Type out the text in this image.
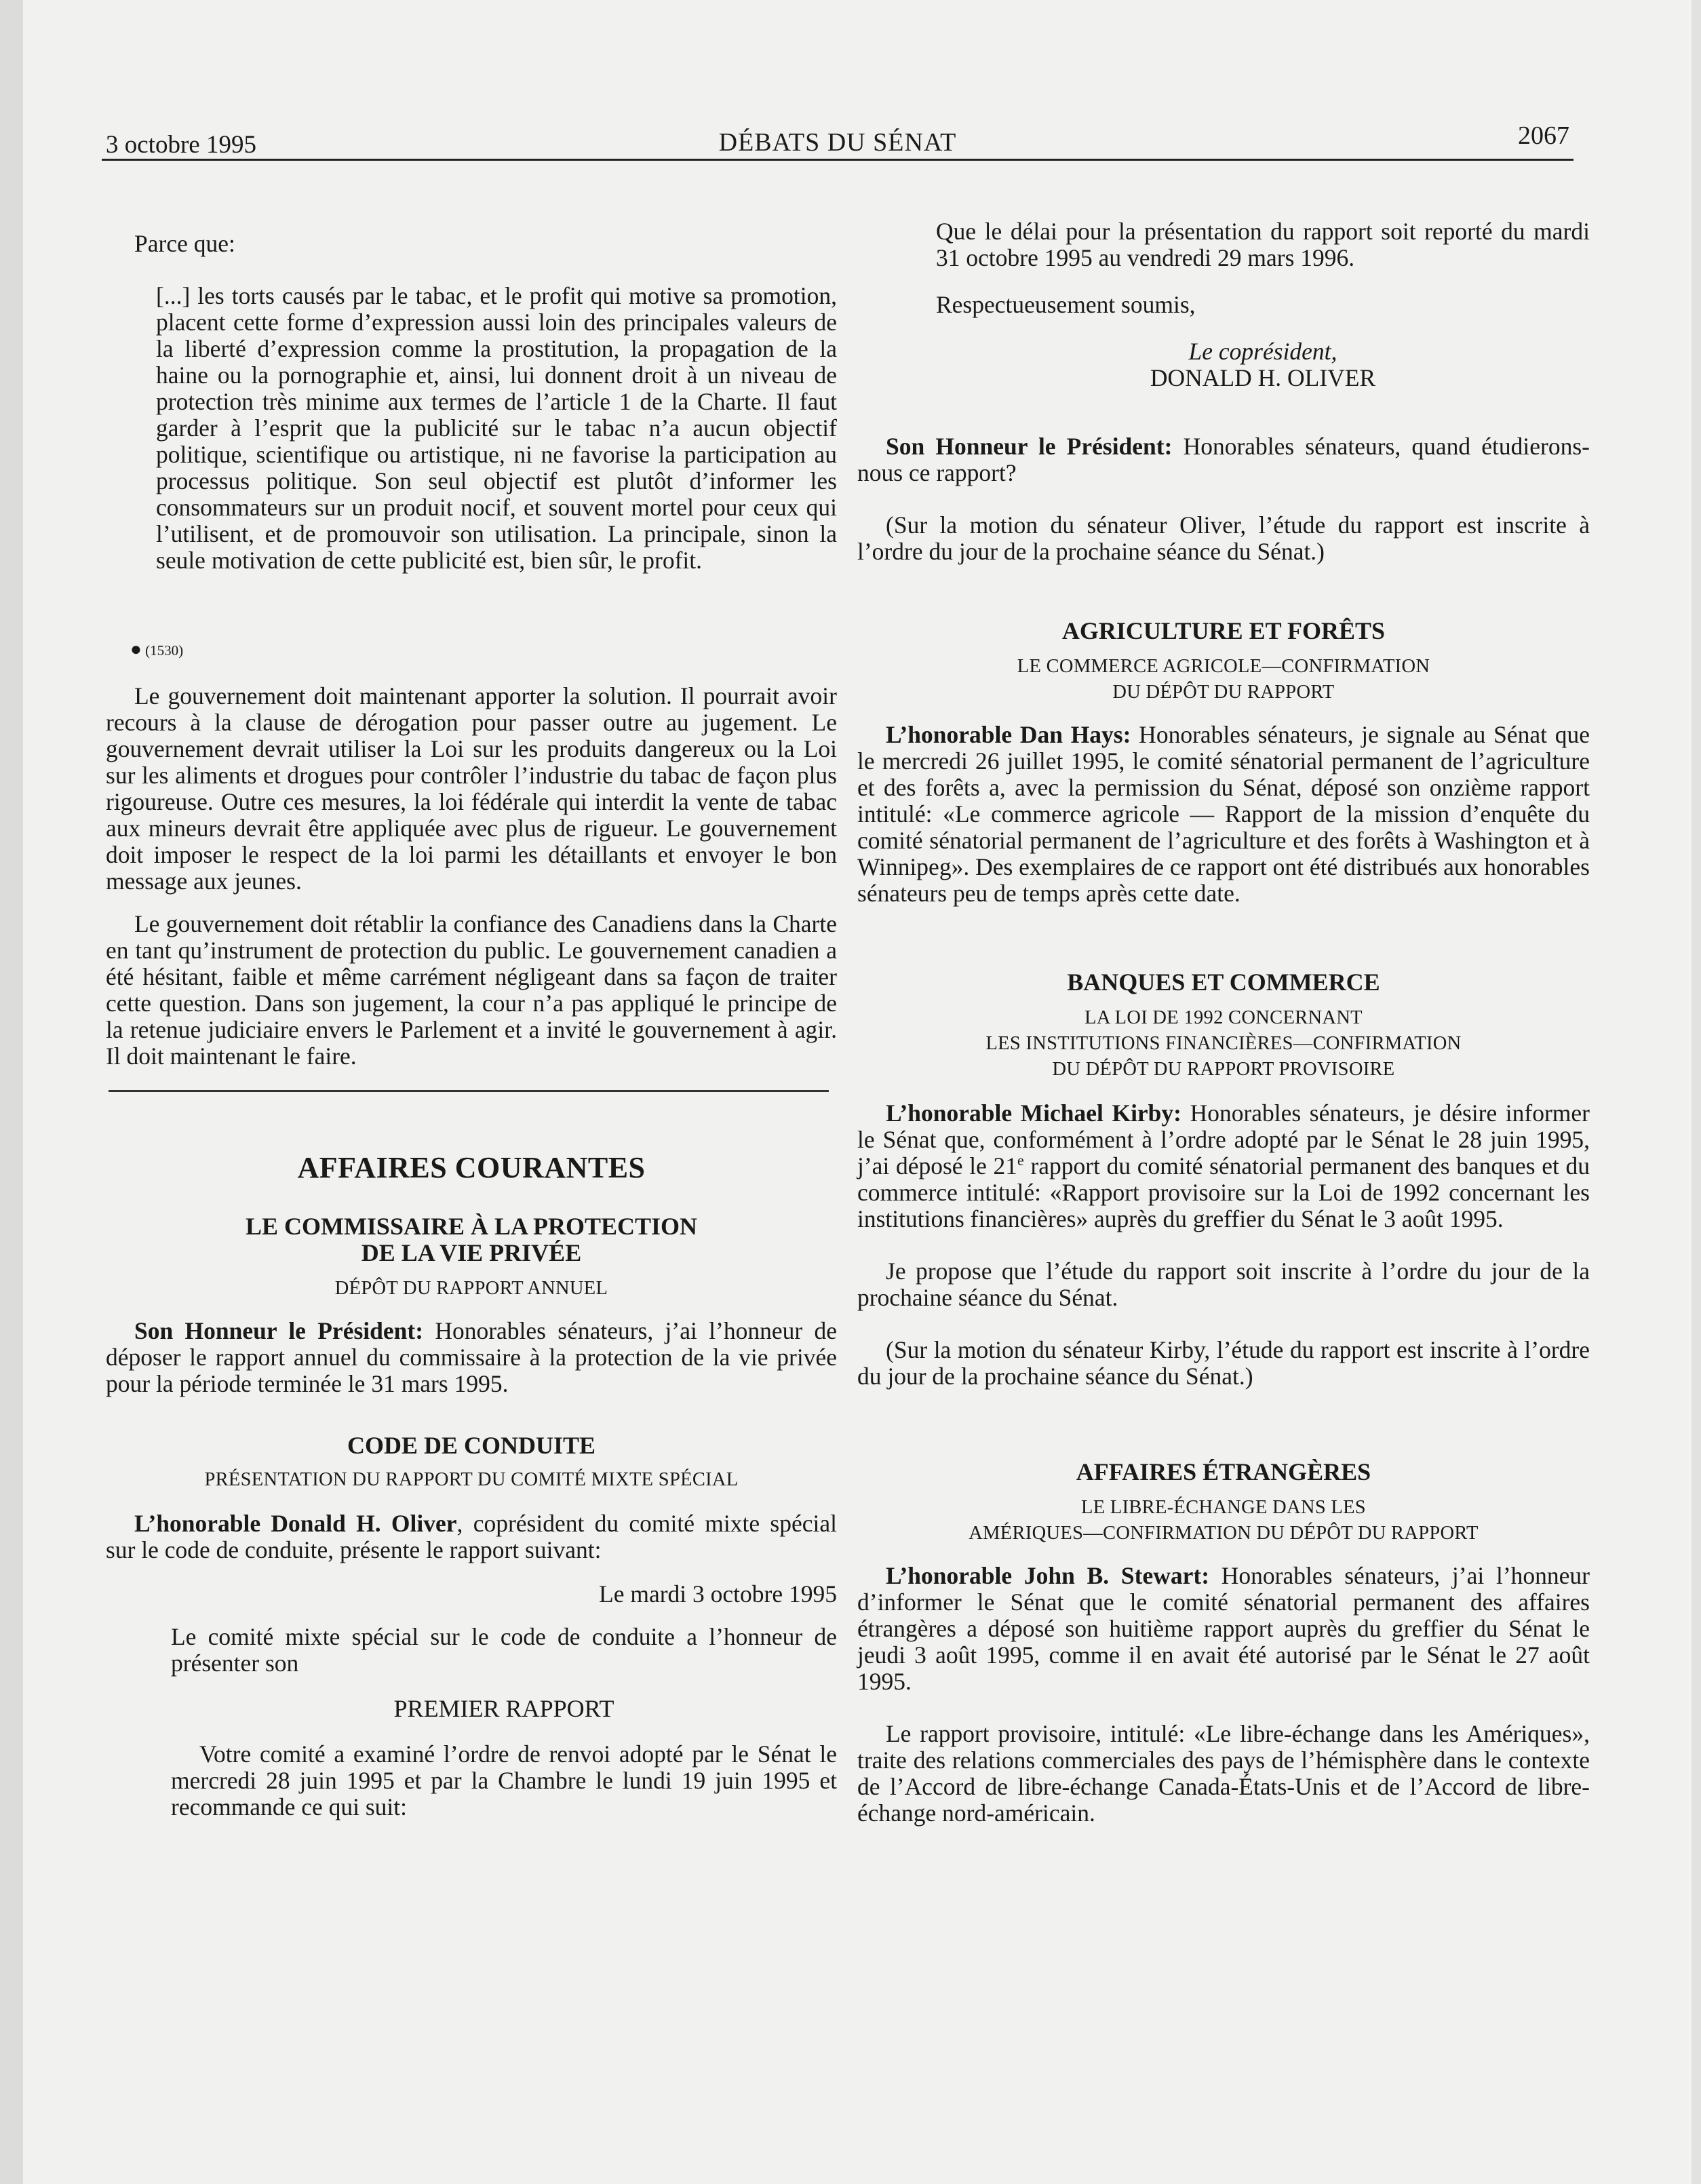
3 octobre 1995	DÉBATS DU SÉNAT	2067

Parce que:

[...] les torts causés par le tabac, et le profit qui motive sa promotion, placent cette forme d’expression aussi loin des principales valeurs de la liberté d’expression comme la prostitution, la propagation de la haine ou la pornographie et, ainsi, lui donnent droit à un niveau de protection très minime aux termes de l’article 1 de la Charte. Il faut garder à l’esprit que la publicité sur le tabac n’a aucun objectif politique, scientifique ou artistique, ni ne favorise la participation au processus politique. Son seul objectif est plutôt d’informer les consommateurs sur un produit nocif, et souvent mortel pour ceux qui l’utilisent, et de promouvoir son utilisation. La principale, sinon la seule motivation de cette publicité est, bien sûr, le profit.

● (1530)

Le gouvernement doit maintenant apporter la solution. Il pourrait avoir recours à la clause de dérogation pour passer outre au jugement. Le gouvernement devrait utiliser la Loi sur les produits dangereux ou la Loi sur les aliments et drogues pour contrôler l’industrie du tabac de façon plus rigoureuse. Outre ces mesures, la loi fédérale qui interdit la vente de tabac aux mineurs devrait être appliquée avec plus de rigueur. Le gouvernement doit imposer le respect de la loi parmi les détaillants et envoyer le bon message aux jeunes.

Le gouvernement doit rétablir la confiance des Canadiens dans la Charte en tant qu’instrument de protection du public. Le gouvernement canadien a été hésitant, faible et même carrément négligeant dans sa façon de traiter cette question. Dans son jugement, la cour n’a pas appliqué le principe de la retenue judiciaire envers le Parlement et a invité le gouvernement à agir. Il doit maintenant le faire.

AFFAIRES COURANTES
LE COMMISSAIRE À LA PROTECTION
DE LA VIE PRIVÉE
DÉPÔT DU RAPPORT ANNUEL

Son Honneur le Président: Honorables sénateurs, j’ai l’honneur de déposer le rapport annuel du commissaire à la protection de la vie privée pour la période terminée le 31 mars 1995.

CODE DE CONDUITE
PRÉSENTATION DU RAPPORT DU COMITÉ MIXTE SPÉCIAL

L’honorable Donald H. Oliver, coprésident du comité mixte spécial sur le code de conduite, présente le rapport suivant:

Le mardi 3 octobre 1995

Le comité mixte spécial sur le code de conduite a l’honneur de présenter son

PREMIER RAPPORT

Votre comité a examiné l’ordre de renvoi adopté par le Sénat le mercredi 28 juin 1995 et par la Chambre le lundi 19 juin 1995 et recommande ce qui suit:

Que le délai pour la présentation du rapport soit reporté du mardi 31 octobre 1995 au vendredi 29 mars 1996.

Respectueusement soumis,

Le coprésident,
DONALD H. OLIVER

Son Honneur le Président: Honorables sénateurs, quand étudierons-nous ce rapport?

(Sur la motion du sénateur Oliver, l’étude du rapport est inscrite à l’ordre du jour de la prochaine séance du Sénat.)

AGRICULTURE ET FORÊTS
LE COMMERCE AGRICOLE—CONFIRMATION
DU DÉPÔT DU RAPPORT

L’honorable Dan Hays: Honorables sénateurs, je signale au Sénat que le mercredi 26 juillet 1995, le comité sénatorial permanent de l’agriculture et des forêts a, avec la permission du Sénat, déposé son onzième rapport intitulé: «Le commerce agricole — Rapport de la mission d’enquête du comité sénatorial permanent de l’agriculture et des forêts à Washington et à Winnipeg». Des exemplaires de ce rapport ont été distribués aux honorables sénateurs peu de temps après cette date.

BANQUES ET COMMERCE
LA LOI DE 1992 CONCERNANT
LES INSTITUTIONS FINANCIÈRES—CONFIRMATION
DU DÉPÔT DU RAPPORT PROVISOIRE

L’honorable Michael Kirby: Honorables sénateurs, je désire informer le Sénat que, conformément à l’ordre adopté par le Sénat le 28 juin 1995, j’ai déposé le 21e rapport du comité sénatorial permanent des banques et du commerce intitulé: «Rapport provisoire sur la Loi de 1992 concernant les institutions financières» auprès du greffier du Sénat le 3 août 1995.

Je propose que l’étude du rapport soit inscrite à l’ordre du jour de la prochaine séance du Sénat.

(Sur la motion du sénateur Kirby, l’étude du rapport est inscrite à l’ordre du jour de la prochaine séance du Sénat.)

AFFAIRES ÉTRANGÈRES
LE LIBRE-ÉCHANGE DANS LES
AMÉRIQUES—CONFIRMATION DU DÉPÔT DU RAPPORT

L’honorable John B. Stewart: Honorables sénateurs, j’ai l’honneur d’informer le Sénat que le comité sénatorial permanent des affaires étrangères a déposé son huitième rapport auprès du greffier du Sénat le jeudi 3 août 1995, comme il en avait été autorisé par le Sénat le 27 août 1995.

Le rapport provisoire, intitulé: «Le libre-échange dans les Amériques», traite des relations commerciales des pays de l’hémisphère dans le contexte de l’Accord de libre-échange Canada-États-Unis et de l’Accord de libre-échange nord-américain.
